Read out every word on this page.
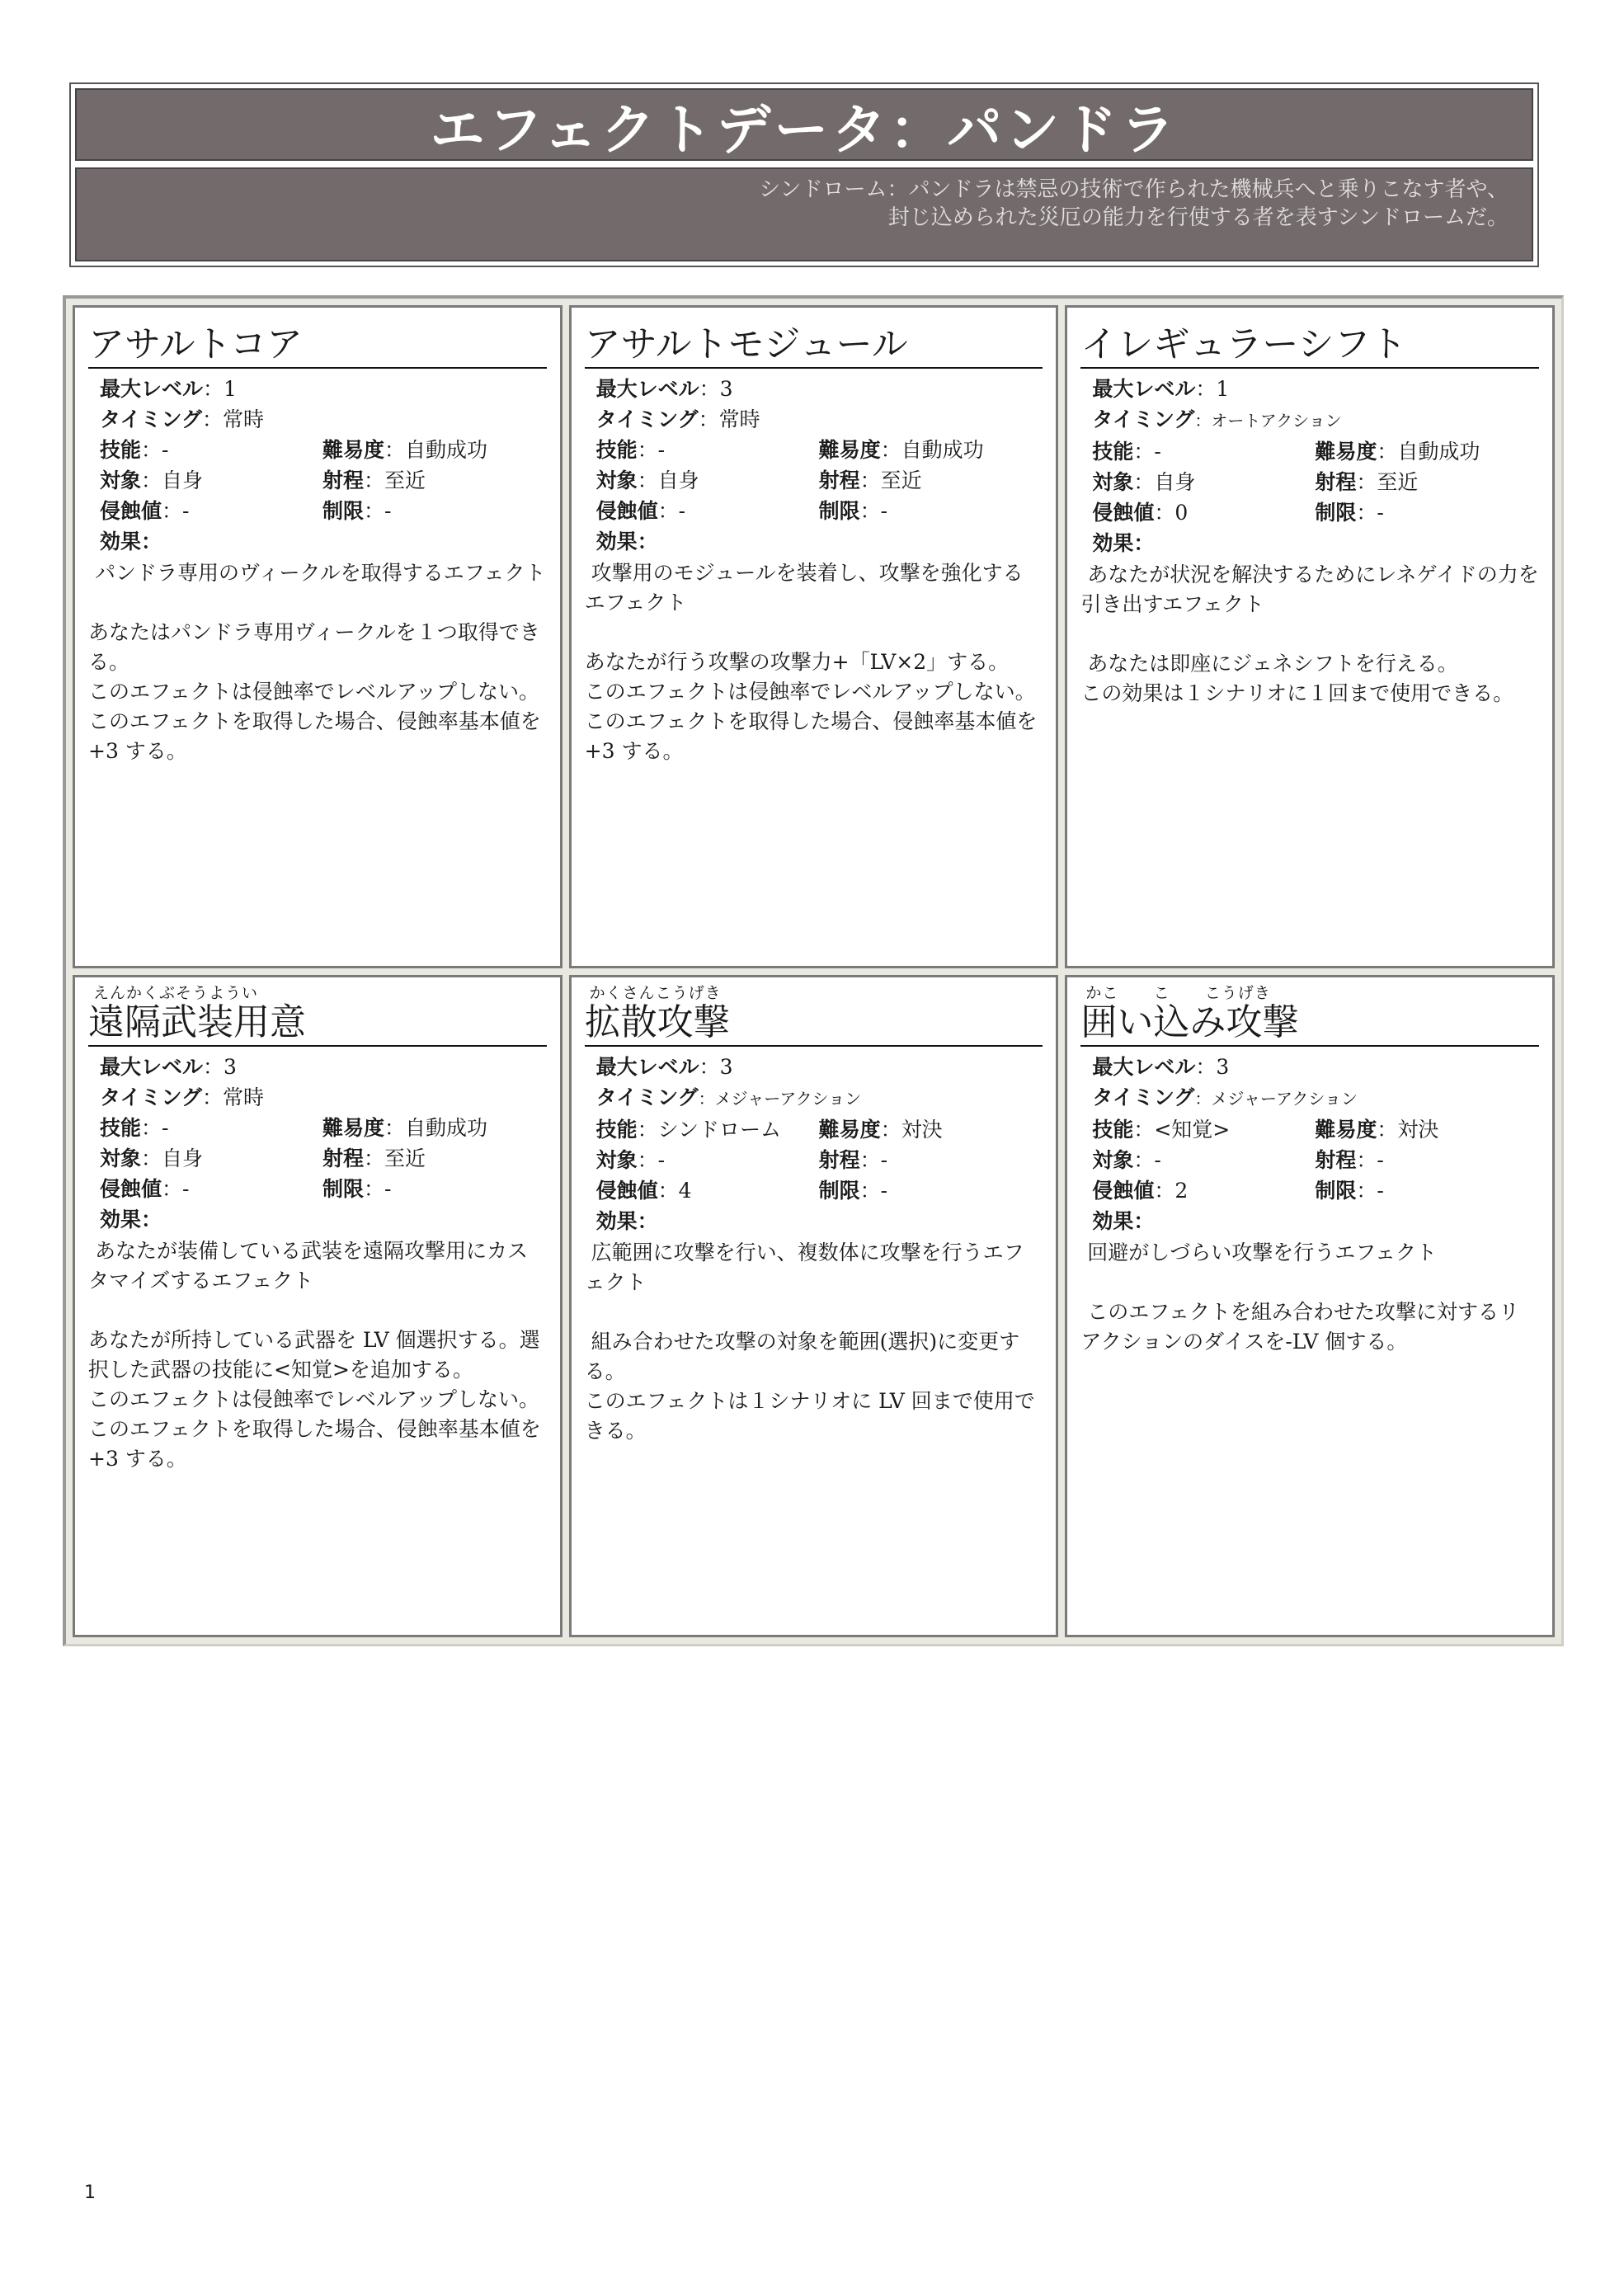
エフェクトデータ：パンドラ
シンドローム：パンドラは禁忌の技術で作られた機械兵へと乗りこなす者や、
封じ込められた災厄の能力を行使する者を表すシンドロームだ。
アサルトコア
最大レベル：1
タイミング：常時
技能：‐	難易度：自動成功
対象：自身	射程：至近
侵蝕値：‐	制限：‐
効果：
パンドラ専用のヴィークルを取得するエフェクト

あなたはパンドラ専用ヴィークルを１つ取得できる。
このエフェクトは侵蝕率でレベルアップしない。
このエフェクトを取得した場合、侵蝕率基本値を+3 する。
アサルトモジュール
最大レベル：3
タイミング：常時
技能：‐	難易度：自動成功
対象：自身	射程：至近
侵蝕値：‐	制限：‐
効果：
攻撃用のモジュールを装着し、攻撃を強化するエフェクト

あなたが行う攻撃の攻撃力+「LV×2」する。
このエフェクトは侵蝕率でレベルアップしない。
このエフェクトを取得した場合、侵蝕率基本値を+3 する。
イレギュラーシフト
最大レベル：1
タイミング：オートアクション
技能：‐	難易度：自動成功
対象：自身	射程：至近
侵蝕値：0	制限：‐
効果：
あなたが状況を解決するためにレネゲイドの力を引き出すエフェクト

あなたは即座にジェネシフトを行える。
この効果は１シナリオに１回まで使用できる。
えんかくぶそうようい
遠隔武装用意
最大レベル：3
タイミング：常時
技能：‐	難易度：自動成功
対象：自身	射程：至近
侵蝕値：‐	制限：‐
効果：
あなたが装備している武装を遠隔攻撃用にカスタマイズするエフェクト

あなたが所持している武器を LV 個選択する。選択した武器の技能に<知覚>を追加する。
このエフェクトは侵蝕率でレベルアップしない。
このエフェクトを取得した場合、侵蝕率基本値を+3 する。
かくさんこうげき
拡散攻撃
最大レベル：3
タイミング：メジャーアクション
技能：シンドローム	難易度：対決
対象：‐	射程：‐
侵蝕値：4	制限：‐
効果：
広範囲に攻撃を行い、複数体に攻撃を行うエフェクト

組み合わせた攻撃の対象を範囲(選択)に変更する。
このエフェクトは１シナリオに LV 回まで使用できる。
かこ      こ      こうげき
囲い込み攻撃
最大レベル：3
タイミング：メジャーアクション
技能：<知覚>	難易度：対決
対象：‐	射程：‐
侵蝕値：2	制限：‐
効果：
回避がしづらい攻撃を行うエフェクト

このエフェクトを組み合わせた攻撃に対するリアクションのダイスを-LV 個する。
1
